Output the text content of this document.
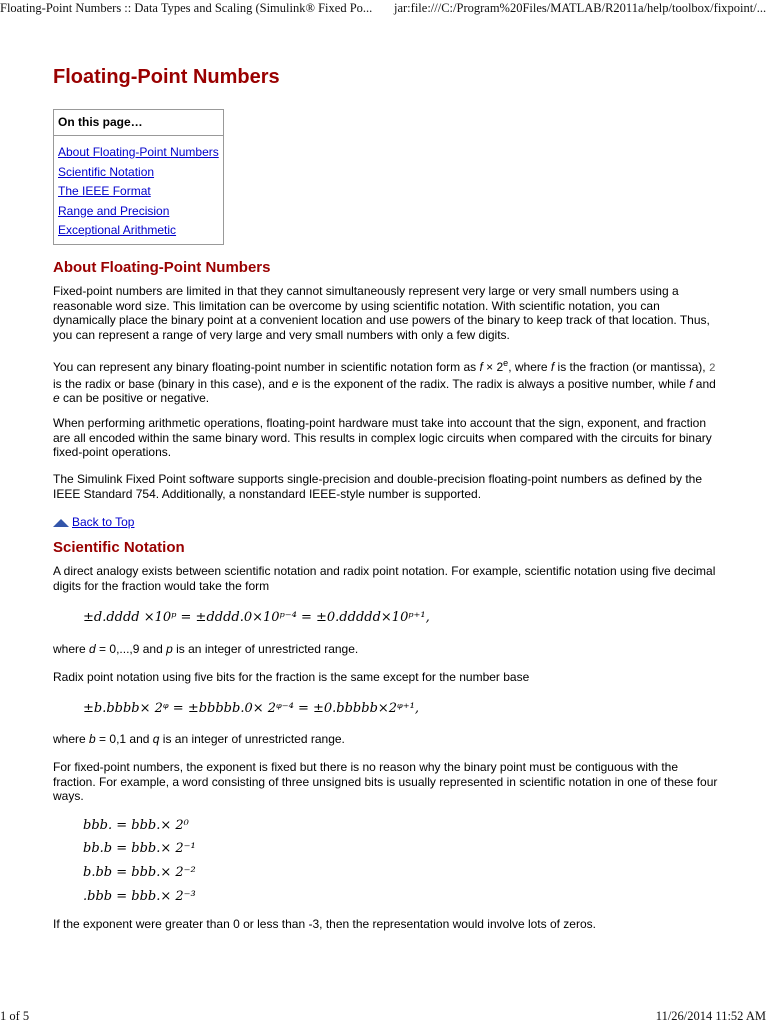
Floating-Point Numbers :: Data Types and Scaling (Simulink® Fixed Po... jar:file:///C:/Program%20Files/MATLAB/R2011a/help/toolbox/fixpoint/...
Floating-Point Numbers
On this page…
About Floating-Point Numbers
Scientific Notation
The IEEE Format
Range and Precision
Exceptional Arithmetic
About Floating-Point Numbers

Fixed-point numbers are limited in that they cannot simultaneously represent very large or very small numbers using a reasonable word size. This limitation can be overcome by using scientific notation. With scientific notation, you can dynamically place the binary point at a convenient location and use powers of the binary to keep track of that location. Thus, you can represent a range of very large and very small numbers with only a few digits.

You can represent any binary floating-point number in scientific notation form as $f \times 2^e$, where f is the fraction (or mantissa), 2 is the radix or base (binary in this case), and e is the exponent of the radix. The radix is always a positive number, while f and e can be positive or negative.

When performing arithmetic operations, floating-point hardware must take into account that the sign, exponent, and fraction are all encoded within the same binary word. This results in complex logic circuits when compared with the circuits for binary fixed-point operations.

The Simulink Fixed Point software supports single-precision and double-precision floating-point numbers as defined by the IEEE Standard 754. Additionally, a nonstandard IEEE-style number is supported.

Back to Top
Scientific Notation

A direct analogy exists between scientific notation and radix point notation. For example, scientific notation using five decimal digits for the fraction would take the form

±d.dddd ×10ᵖ = ±dddd.0×10ᵖ⁻⁴ = ±0.ddddd×10ᵖ⁺¹,

where d = 0,...,9 and p is an integer of unrestricted range.

Radix point notation using five bits for the fraction is the same except for the number base

±b.bbbb× 2ᵠ = ±bbbbb.0× 2ᵠ⁻⁴ = ±0.bbbbb×2ᵠ⁺¹,

where b = 0,1 and q is an integer of unrestricted range.

For fixed-point numbers, the exponent is fixed but there is no reason why the binary point must be contiguous with the fraction. For example, a word consisting of three unsigned bits is usually represented in scientific notation in one of these four ways.

bbb. = bbb.× 2⁰
bb.b = bbb.× 2⁻¹
b.bb = bbb.× 2⁻²
.bbb = bbb.× 2⁻³

If the exponent were greater than 0 or less than -3, then the representation would involve lots of zeros.

1 of 5	11/26/2014 11:52 AM
